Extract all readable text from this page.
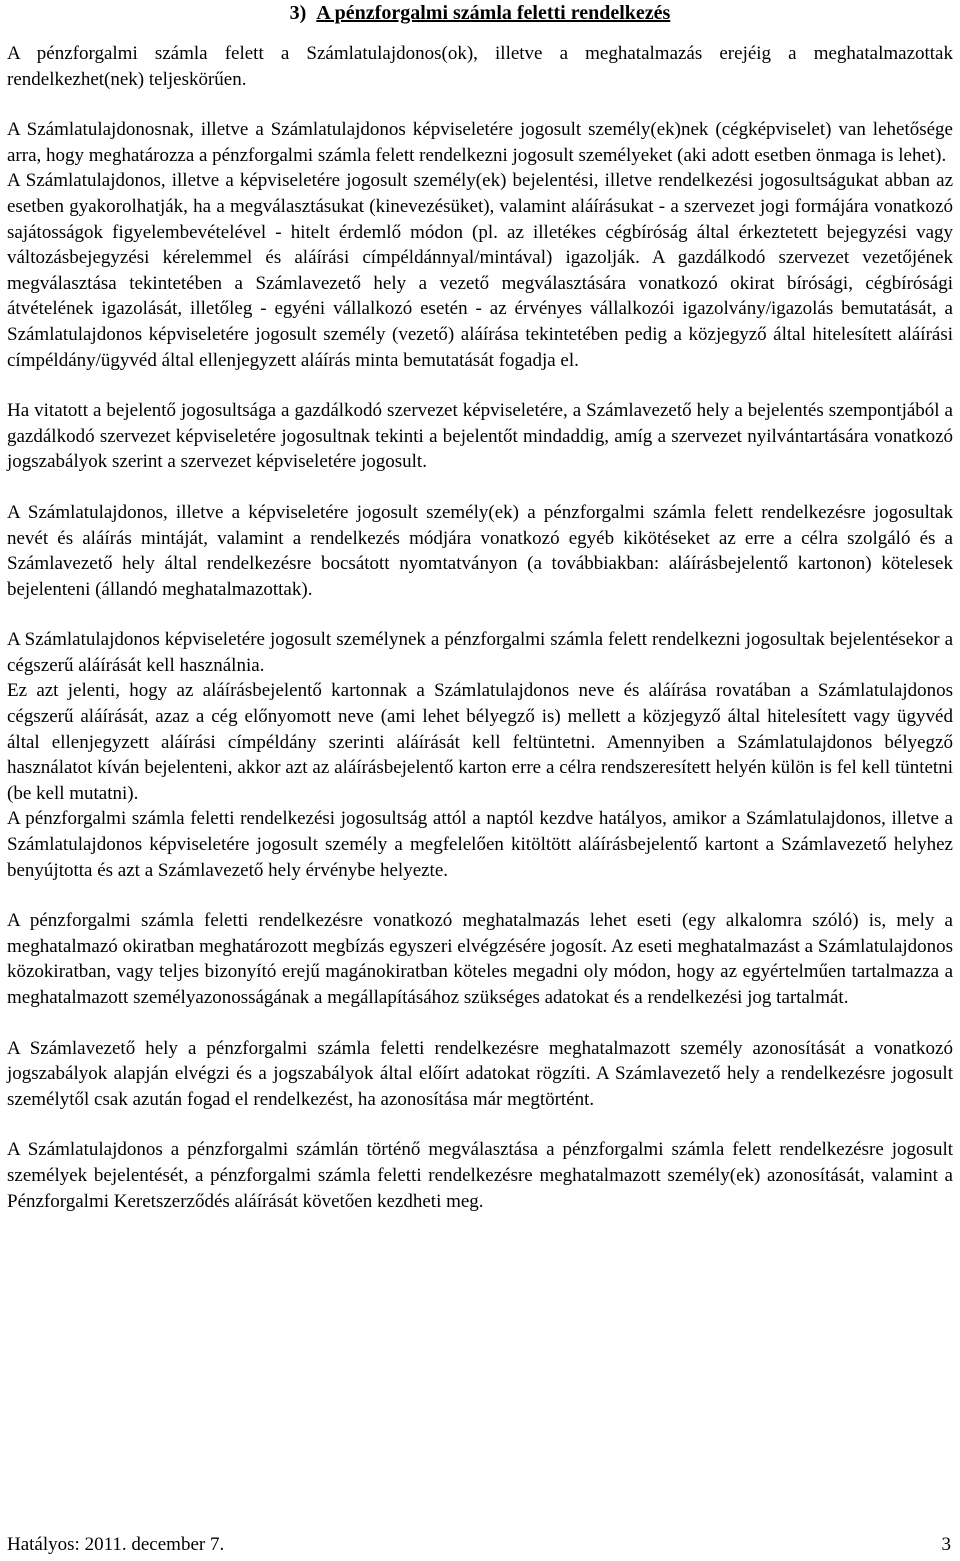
3) A pénzforgalmi számla feletti rendelkezés

A pénzforgalmi számla felett a Számlatulajdonos(ok), illetve a meghatalmazás erejéig a meghatalmazottak rendelkezhet(nek) teljeskörűen.

A Számlatulajdonosnak, illetve a Számlatulajdonos képviseletére jogosult személy(ek)nek (cégképviselet) van lehetősége arra, hogy meghatározza a pénzforgalmi számla felett rendelkezni jogosult személyeket (aki adott esetben önmaga is lehet).

A Számlatulajdonos, illetve a képviseletére jogosult személy(ek) bejelentési, illetve rendelkezési jogosultságukat abban az esetben gyakorolhatják, ha a megválasztásukat (kinevezésüket), valamint aláírásukat - a szervezet jogi formájára vonatkozó sajátosságok figyelembevételével - hitelt érdemlő módon (pl. az illetékes cégbíróság által érkeztetett bejegyzési vagy változásbejegyzési kérelemmel és aláírási címpéldánnyal/mintával) igazolják. A gazdálkodó szervezet vezetőjének megválasztása tekintetében a Számlavezető hely a vezető megválasztására vonatkozó okirat bírósági, cégbírósági átvételének igazolását, illetőleg - egyéni vállalkozó esetén - az érvényes vállalkozói igazolvány/igazolás bemutatását, a Számlatulajdonos képviseletére jogosult személy (vezető) aláírása tekintetében pedig a közjegyző által hitelesített aláírási címpéldány/ügyvéd által ellenjegyzett aláírás minta bemutatását fogadja el.

Ha vitatott a bejelentő jogosultsága a gazdálkodó szervezet képviseletére, a Számlavezető hely a bejelentés szempontjából a gazdálkodó szervezet képviseletére jogosultnak tekinti a bejelentőt mindaddig, amíg a szervezet nyilvántartására vonatkozó jogszabályok szerint a szervezet képviseletére jogosult.

A Számlatulajdonos, illetve a képviseletére jogosult személy(ek) a pénzforgalmi számla felett rendelkezésre jogosultak nevét és aláírás mintáját, valamint a rendelkezés módjára vonatkozó egyéb kikötéseket az erre a célra szolgáló és a Számlavezető hely által rendelkezésre bocsátott nyomtatványon (a továbbiakban: aláírásbejelentő kartonon) kötelesek bejelenteni (állandó meghatalmazottak).

A Számlatulajdonos képviseletére jogosult személynek a pénzforgalmi számla felett rendelkezni jogosultak bejelentésekor a cégszerű aláírását kell használnia.

Ez azt jelenti, hogy az aláírásbejelentő kartonnak a Számlatulajdonos neve és aláírása rovatában a Számlatulajdonos cégszerű aláírását, azaz a cég előnyomott neve (ami lehet bélyegző is) mellett a közjegyző által hitelesített vagy ügyvéd által ellenjegyzett aláírási címpéldány szerinti aláírását kell feltüntetni. Amennyiben a Számlatulajdonos bélyegző használatot kíván bejelenteni, akkor azt az aláírásbejelentő karton erre a célra rendszeresített helyén külön is fel kell tüntetni (be kell mutatni).

A pénzforgalmi számla feletti rendelkezési jogosultság attól a naptól kezdve hatályos, amikor a Számlatulajdonos, illetve a Számlatulajdonos képviseletére jogosult személy a megfelelően kitöltött aláírásbejelentő kartont a Számlavezető helyhez benyújtotta és azt a Számlavezető hely érvénybe helyezte.

A pénzforgalmi számla feletti rendelkezésre vonatkozó meghatalmazás lehet eseti (egy alkalomra szóló) is, mely a meghatalmazó okiratban meghatározott megbízás egyszeri elvégzésére jogosít. Az eseti meghatalmazást a Számlatulajdonos közokiratban, vagy teljes bizonyító erejű magánokiratban köteles megadni oly módon, hogy az egyértelműen tartalmazza a meghatalmazott személyazonosságának a megállapításához szükséges adatokat és a rendelkezési jog tartalmát.

A Számlavezető hely a pénzforgalmi számla feletti rendelkezésre meghatalmazott személy azonosítását a vonatkozó jogszabályok alapján elvégzi és a jogszabályok által előírt adatokat rögzíti. A Számlavezető hely a rendelkezésre jogosult személytől csak azután fogad el rendelkezést, ha azonosítása már megtörtént.

A Számlatulajdonos a pénzforgalmi számlán történő megválasztása a pénzforgalmi számla felett rendelkezésre jogosult személyek bejelentését, a pénzforgalmi számla feletti rendelkezésre meghatalmazott személy(ek) azonosítását, valamint a Pénzforgalmi Keretszerződés aláírását követően kezdheti meg.

Hatályos: 2011. december 7.	3
